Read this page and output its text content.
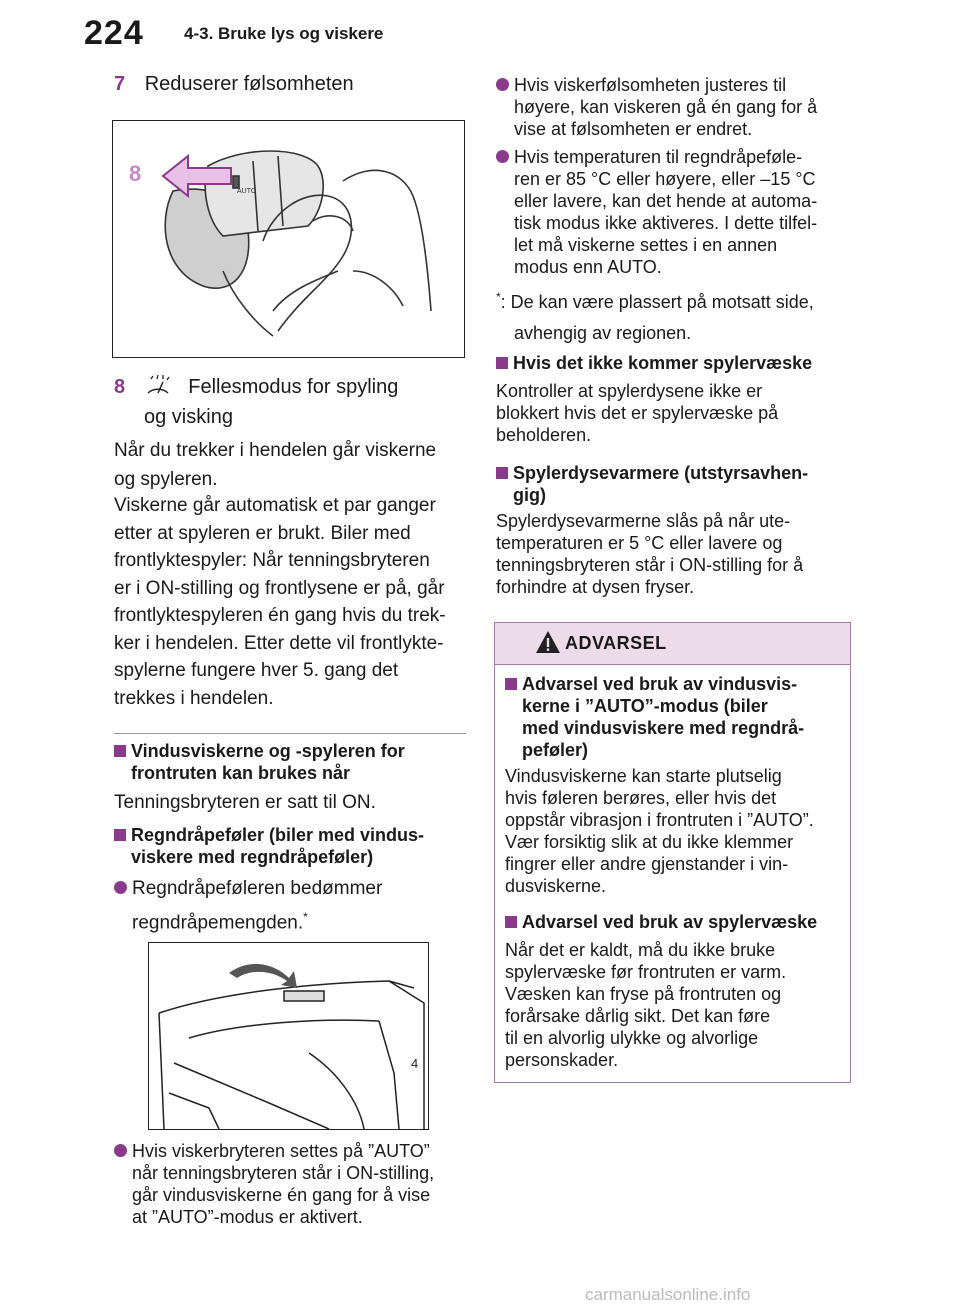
224 4-3. Bruke lys og viskere
7 Reduserer følsomheten
8
AUTO
8	Fellesmodus for spyling
og visking
Når du trekker i hendelen går viskerne
og spyleren.
Viskerne går automatisk et par ganger
etter at spyleren er brukt. Biler med
frontlyktespyler: Når tenningsbryteren
er i ON-stilling og frontlysene er på, går
frontlyktespyleren én gang hvis du trek-
ker i hendelen. Etter dette vil frontlykte-
spylerne fungere hver 5. gang det
trekkes i hendelen.
Vindusviskerne og -spyleren for
frontruten kan brukes når
Tenningsbryteren er satt til ON.
Regndråpeføler (biler med vindus-
viskere med regndråpeføler)
Regndråpeføleren bedømmer
regndråpemengden.*
4
Hvis viskerbryteren settes på ”AUTO”
når tenningsbryteren står i ON-stilling,
går vindusviskerne én gang for å vise
at ”AUTO”-modus er aktivert.
Hvis viskerfølsomheten justeres til
høyere, kan viskeren gå én gang for å
vise at følsomheten er endret.
Hvis temperaturen til regndråpeføle-
ren er 85 °C eller høyere, eller –15 °C
eller lavere, kan det hende at automa-
tisk modus ikke aktiveres. I dette tilfel-
let må viskerne settes i en annen
modus enn AUTO.
*: De kan være plassert på motsatt side,
avhengig av regionen.
Hvis det ikke kommer spylervæske
Kontroller at spylerdysene ikke er
blokkert hvis det er spylervæske på
beholderen.
Spylerdysevarmere (utstyrsavhen-
gig)
Spylerdysevarmerne slås på når ute-
temperaturen er 5 °C eller lavere og
tenningsbryteren står i ON-stilling for å
forhindre at dysen fryser.
ADVARSEL
Advarsel ved bruk av vindusvis-
kerne i ”AUTO”-modus (biler
med vindusviskere med regndrå-
peføler)
Vindusviskerne kan starte plutselig
hvis føleren berøres, eller hvis det
oppstår vibrasjon i frontruten i ”AUTO”.
Vær forsiktig slik at du ikke klemmer
fingrer eller andre gjenstander i vin-
dusviskerne.
Advarsel ved bruk av spylervæske
Når det er kaldt, må du ikke bruke
spylervæske før frontruten er varm.
Væsken kan fryse på frontruten og
forårsake dårlig sikt. Det kan føre
til en alvorlig ulykke og alvorlige
personskader.
carmanualsonline.info
